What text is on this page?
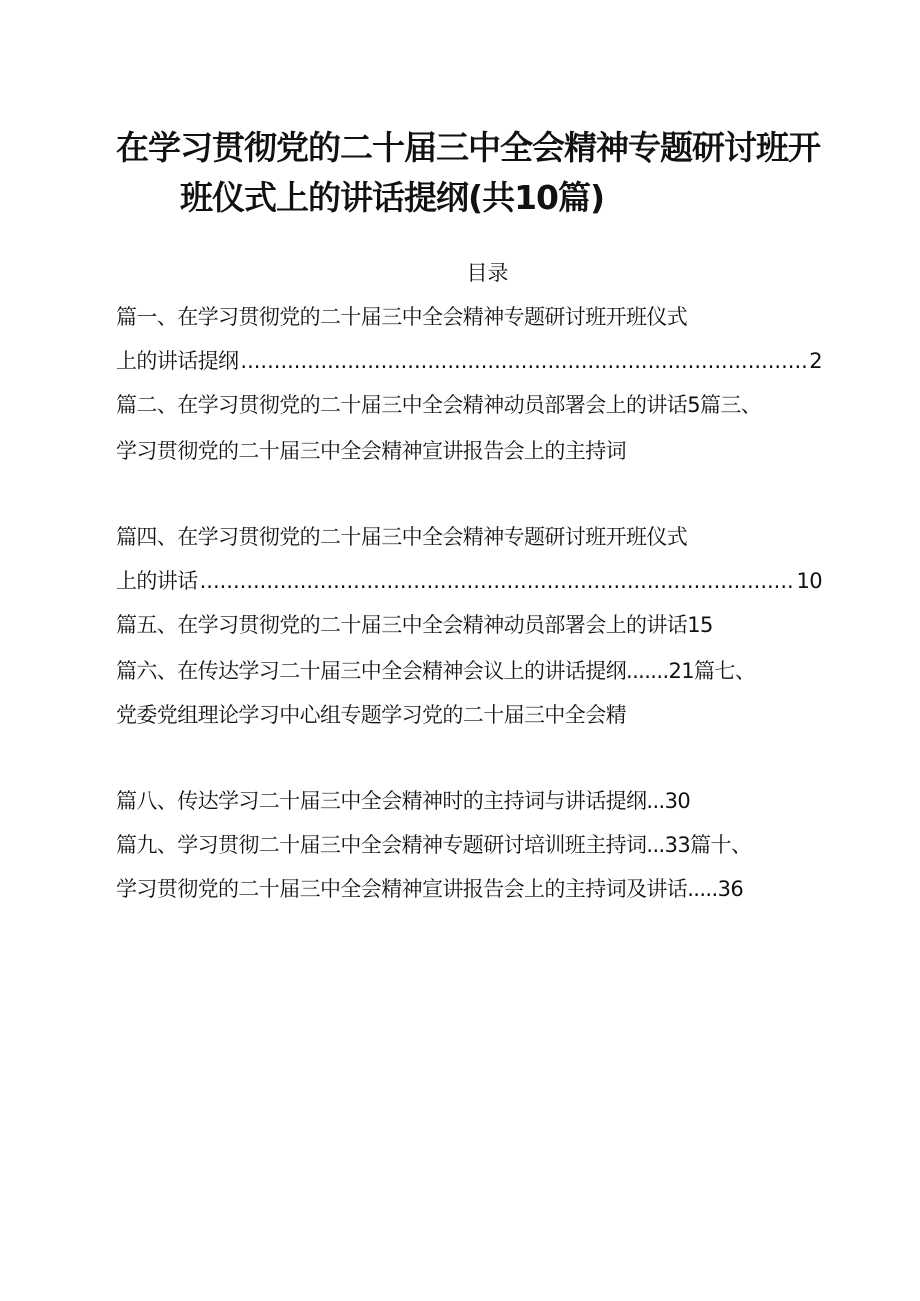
在学习贯彻党的二十届三中全会精神专题研讨班开
班仪式上的讲话提纲(共10篇)
目录
篇一、在学习贯彻党的二十届三中全会精神专题研讨班开班仪式
上的讲话提纲 .....	2
篇二、在学习贯彻党的二十届三中全会精神动员部署会上的讲话5篇三、
学习贯彻党的二十届三中全会精神宣讲报告会上的主持词
篇四、在学习贯彻党的二十届三中全会精神专题研讨班开班仪式
上的讲话 .....	10
篇五、在学习贯彻党的二十届三中全会精神动员部署会上的讲话15
篇六、在传达学习二十届三中全会精神会议上的讲话提纲.......21篇七、
党委党组理论学习中心组专题学习党的二十届三中全会精
篇八、传达学习二十届三中全会精神时的主持词与讲话提纲...30
篇九、学习贯彻二十届三中全会精神专题研讨培训班主持词...33篇十、
学习贯彻党的二十届三中全会精神宣讲报告会上的主持词及讲话.....36
